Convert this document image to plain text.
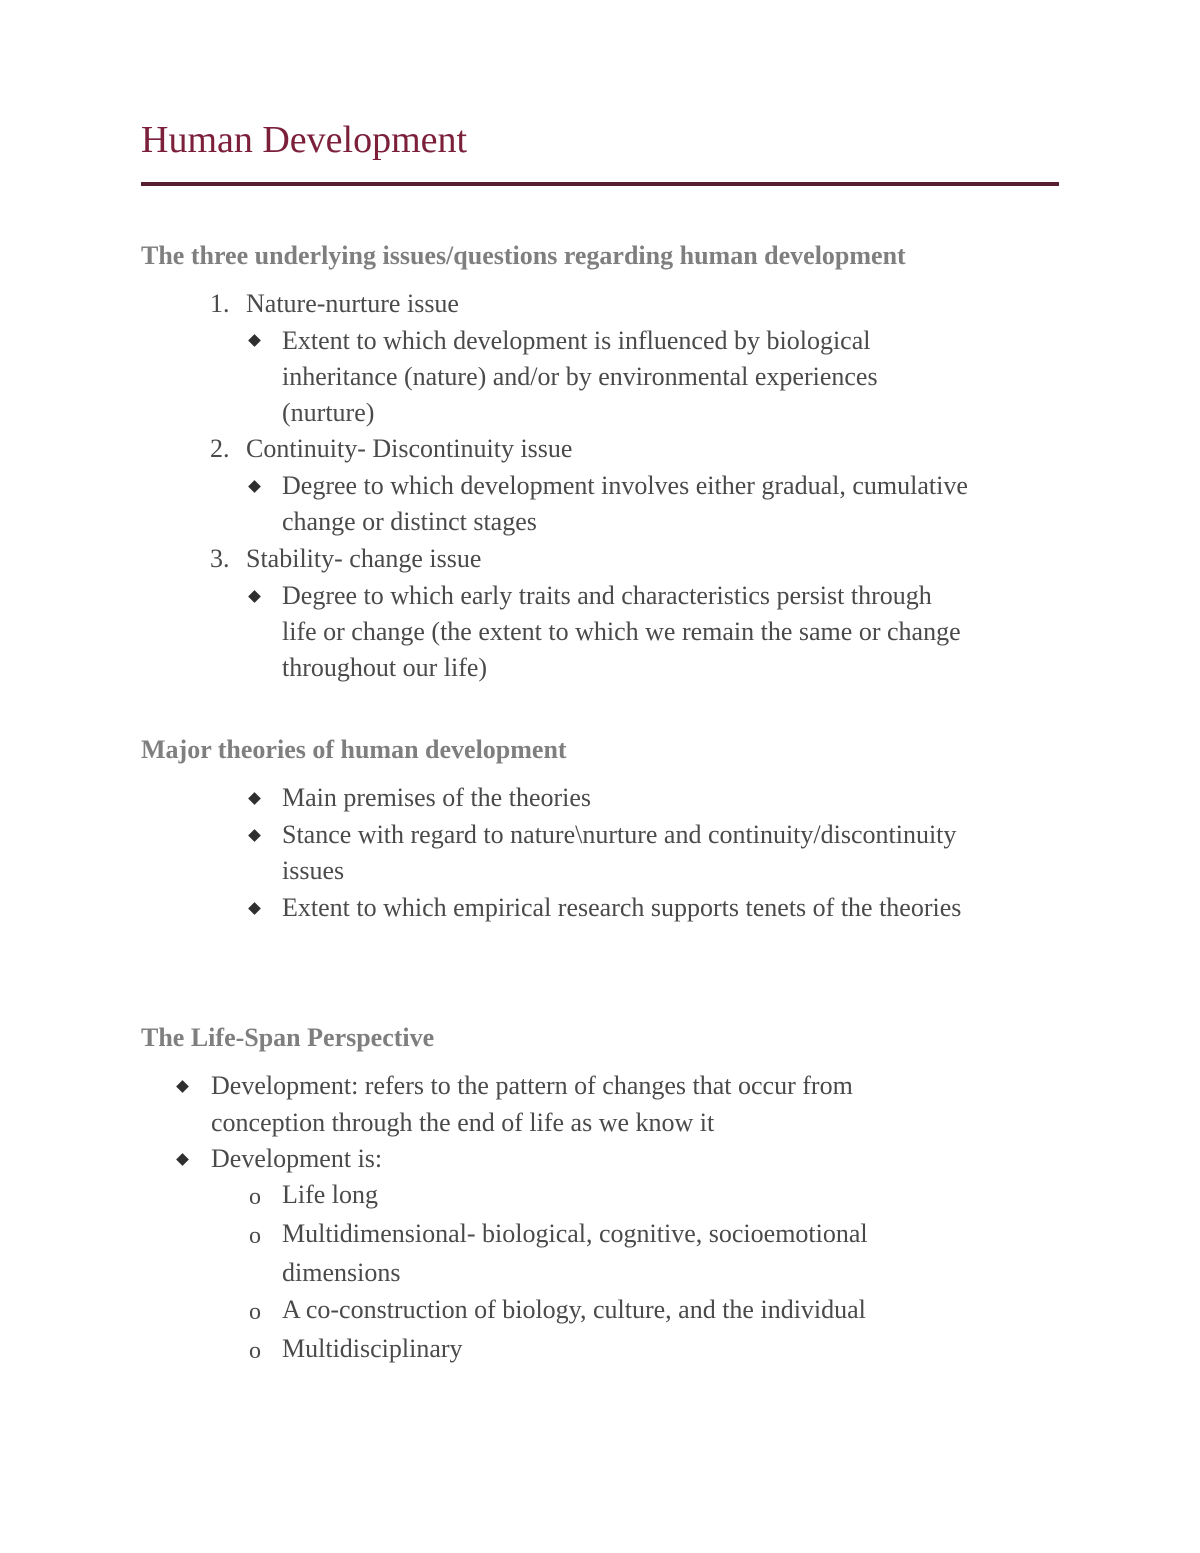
Human Development
The three underlying issues/questions regarding human development
1. Nature-nurture issue
Extent to which development is influenced by biological
inheritance (nature) and/or by environmental experiences
(nurture)
2. Continuity- Discontinuity issue
Degree to which development involves either gradual, cumulative
change or distinct stages
3. Stability- change issue
Degree to which early traits and characteristics persist through
life or change (the extent to which we remain the same or change
throughout our life)
Major theories of human development
Main premises of the theories
Stance with regard to nature\nurture and continuity/discontinuity
issues
Extent to which empirical research supports tenets of the theories
The Life-Span Perspective
Development: refers to the pattern of changes that occur from
conception through the end of life as we know it
Development is:
o Life long
o Multidimensional- biological, cognitive, socioemotional
dimensions
o A co-construction of biology, culture, and the individual
o Multidisciplinary
